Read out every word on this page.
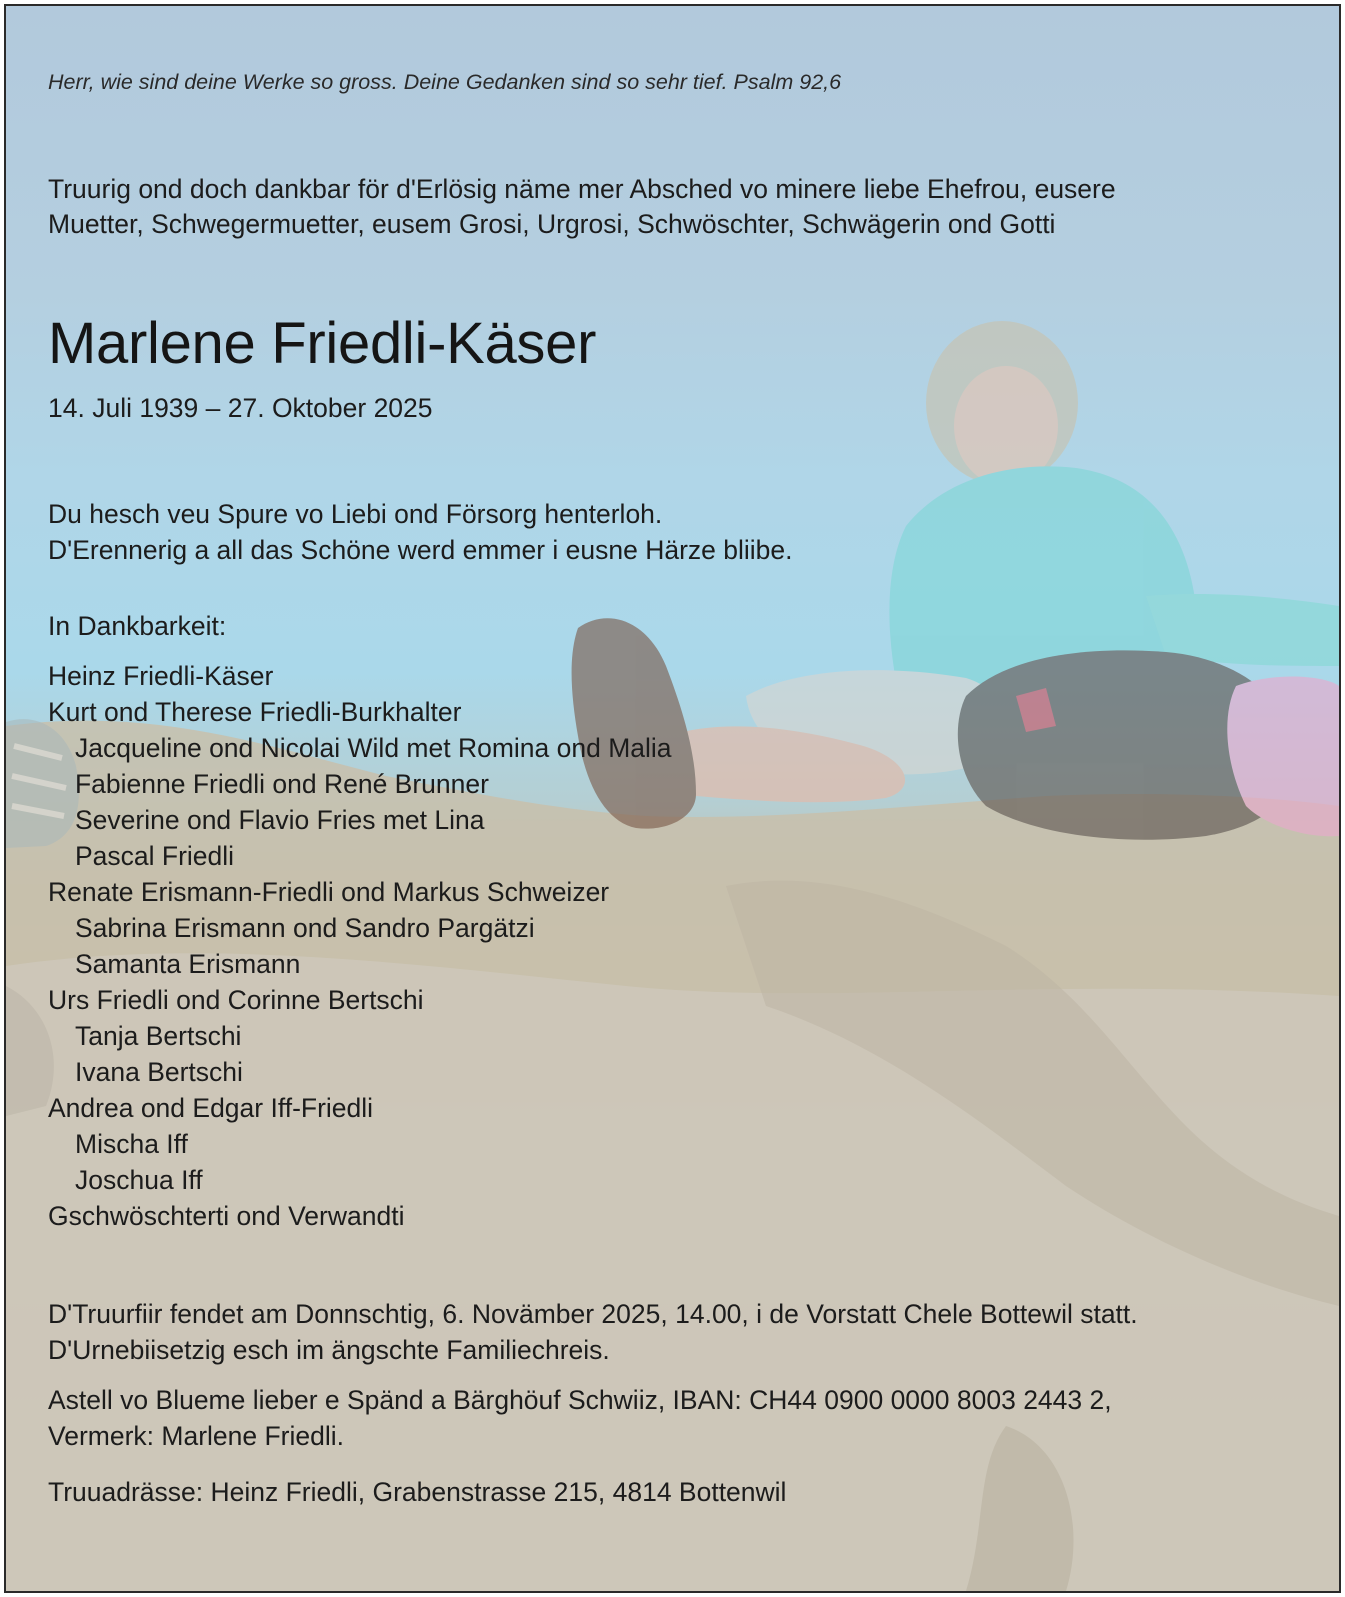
Herr, wie sind deine Werke so gross. Deine Gedanken sind so sehr tief. Psalm 92,6
Truurig ond doch dankbar för d'Erlösig näme mer Absched vo minere liebe Ehefrou, eusere
Muetter, Schwegermuetter, eusem Grosi, Urgrosi, Schwöschter, Schwägerin ond Gotti
Marlene Friedli-Käser
14. Juli 1939 – 27. Oktober 2025
Du hesch veu Spure vo Liebi ond Försorg henterloh.
D'Erennerig a all das Schöne werd emmer i eusne Härze bliibe.
In Dankbarkeit:
Heinz Friedli-Käser
Kurt ond Therese Friedli-Burkhalter
Jacqueline ond Nicolai Wild met Romina ond Malia
Fabienne Friedli ond René Brunner
Severine ond Flavio Fries met Lina
Pascal Friedli
Renate Erismann-Friedli ond Markus Schweizer
Sabrina Erismann ond Sandro Pargätzi
Samanta Erismann
Urs Friedli ond Corinne Bertschi
Tanja Bertschi
Ivana Bertschi
Andrea ond Edgar Iff-Friedli
Mischa Iff
Joschua Iff
Gschwöschterti ond Verwandti
D'Truurfiir fendet am Donnschtig, 6. Novämber 2025, 14.00, i de Vorstatt Chele Bottewil statt.
D'Urnebiisetzig esch im ängschte Familiechreis.
Astell vo Blueme lieber e Spänd a Bärghöuf Schwiiz, IBAN: CH44 0900 0000 8003 2443 2,
Vermerk: Marlene Friedli.
Truuadrässe: Heinz Friedli, Grabenstrasse 215, 4814 Bottenwil
